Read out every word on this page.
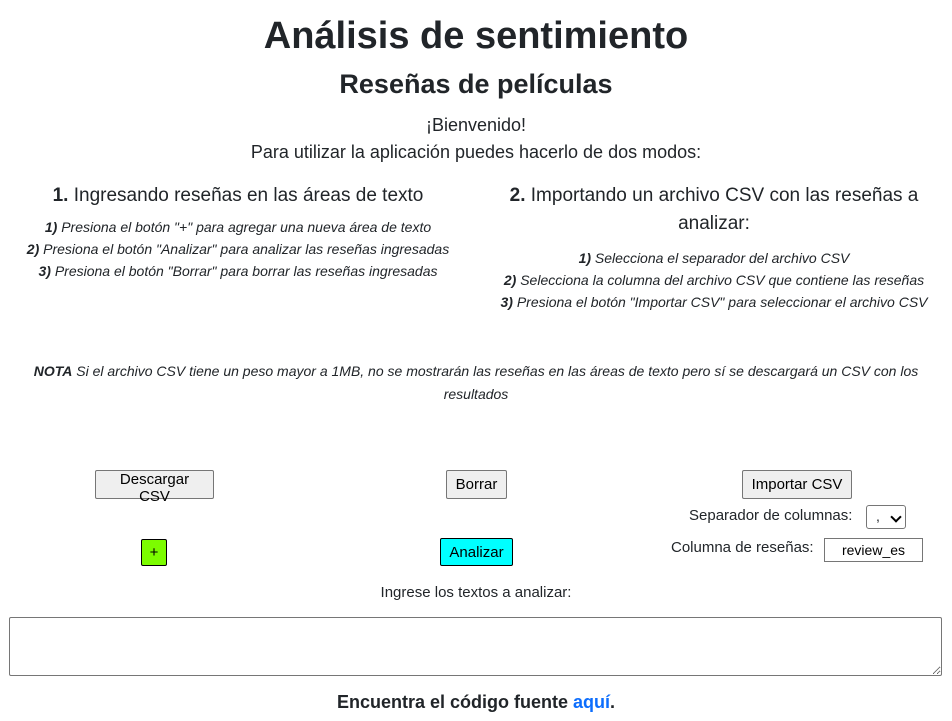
Análisis de sentimiento
Reseñas de películas
¡Bienvenido!
Para utilizar la aplicación puedes hacerlo de dos modos:
1. Ingresando reseñas en las áreas de texto
1) Presiona el botón "+" para agregar una nueva área de texto
2) Presiona el botón "Analizar" para analizar las reseñas ingresadas
3) Presiona el botón "Borrar" para borrar las reseñas ingresadas
2. Importando un archivo CSV con las reseñas a analizar:
1) Selecciona el separador del archivo CSV
2) Selecciona la columna del archivo CSV que contiene las reseñas
3) Presiona el botón "Importar CSV" para seleccionar el archivo CSV
NOTA Si el archivo CSV tiene un peso mayor a 1MB, no se mostrarán las reseñas en las áreas de texto pero sí se descargará un CSV con los resultados
Descargar CSV
Borrar	Importar CSV
Separador de columnas: ,
+	Analizar	Columna de reseñas:
review_es
Ingrese los textos a analizar:
Encuentra el código fuente aquí.
